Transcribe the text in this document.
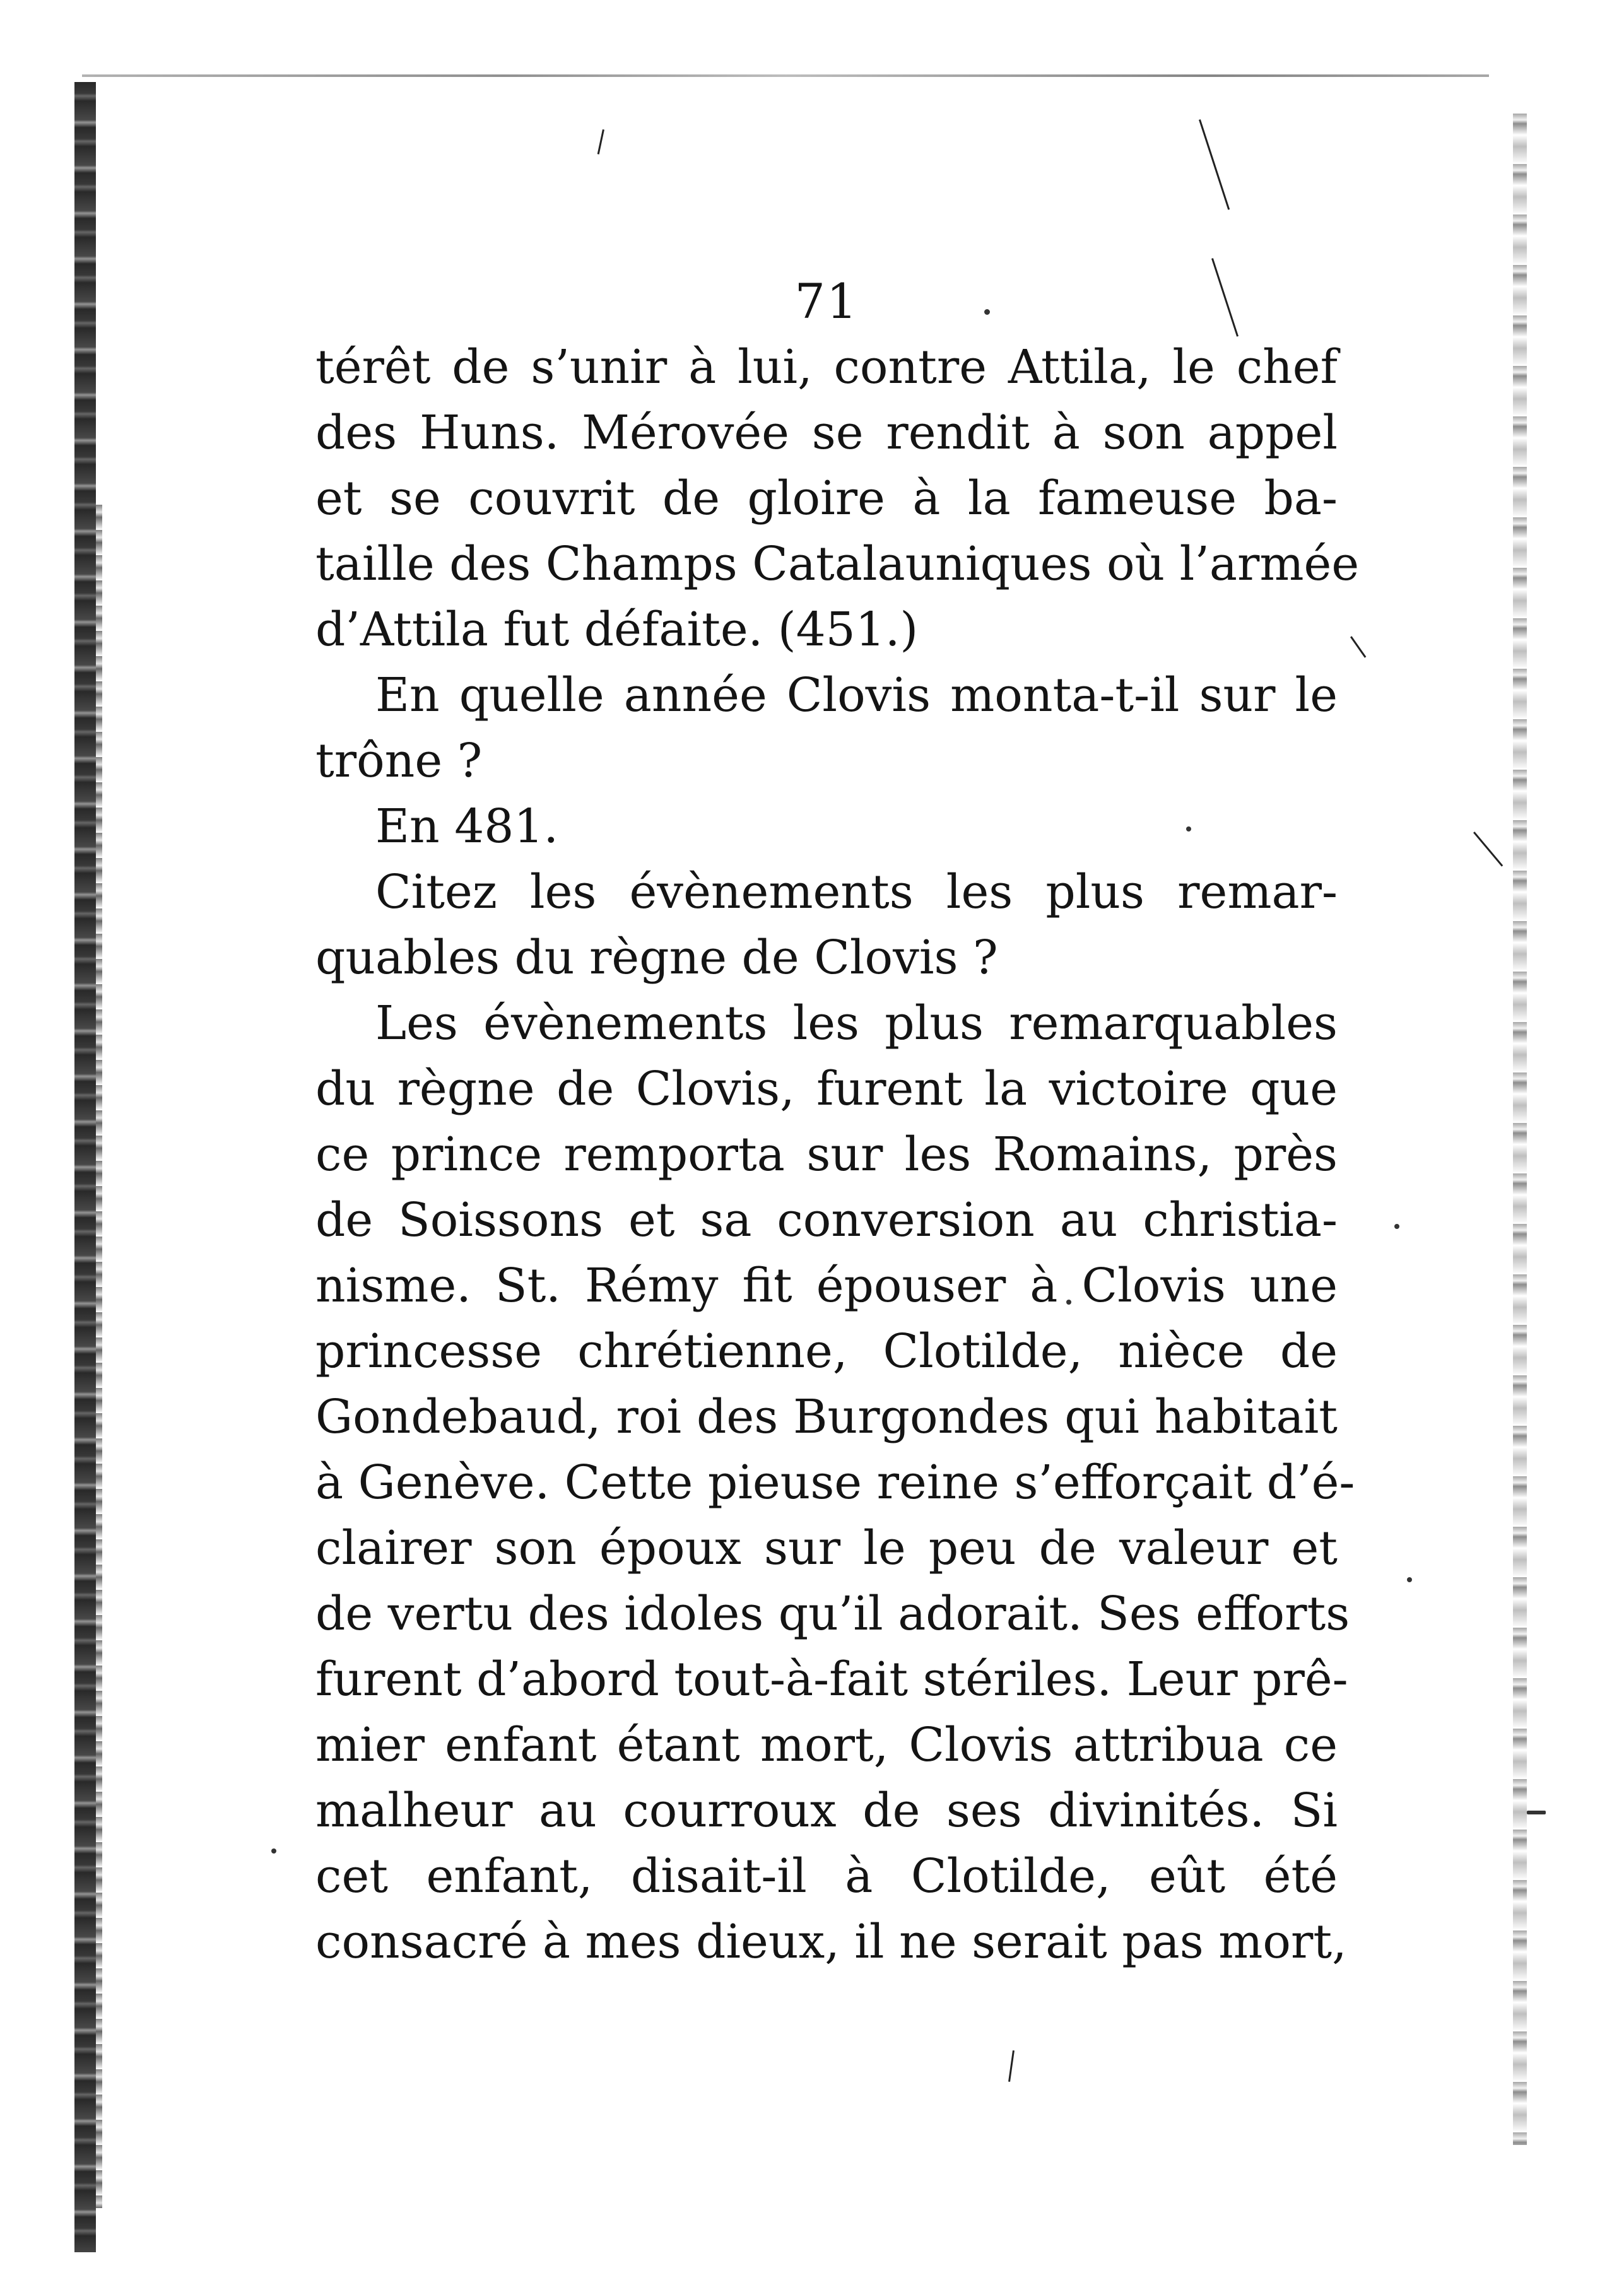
71
térêt de s’unir à lui, contre Attila, le chef
des Huns. Mérovée se rendit à son appel
et se couvrit de gloire à la fameuse ba-
taille des Champs Catalauniques où l’armée
d’Attila fut défaite. (451.)
En quelle année Clovis monta-t-il sur le
trône ?
En 481.
Citez les évènements les plus remar-
quables du règne de Clovis ?
Les évènements les plus remarquables
du règne de Clovis, furent la victoire que
ce prince remporta sur les Romains, près
de Soissons et sa conversion au christia-
nisme. St. Rémy fit épouser à Clovis une
princesse chrétienne, Clotilde, nièce de
Gondebaud, roi des Burgondes qui habitait
à Genève. Cette pieuse reine s’efforçait d’é-
clairer son époux sur le peu de valeur et
de vertu des idoles qu’il adorait. Ses efforts
furent d’abord tout-à-fait stériles. Leur prê-
mier enfant étant mort, Clovis attribua ce
malheur au courroux de ses divinités. Si
cet enfant, disait-il à Clotilde, eût été
consacré à mes dieux, il ne serait pas mort,
